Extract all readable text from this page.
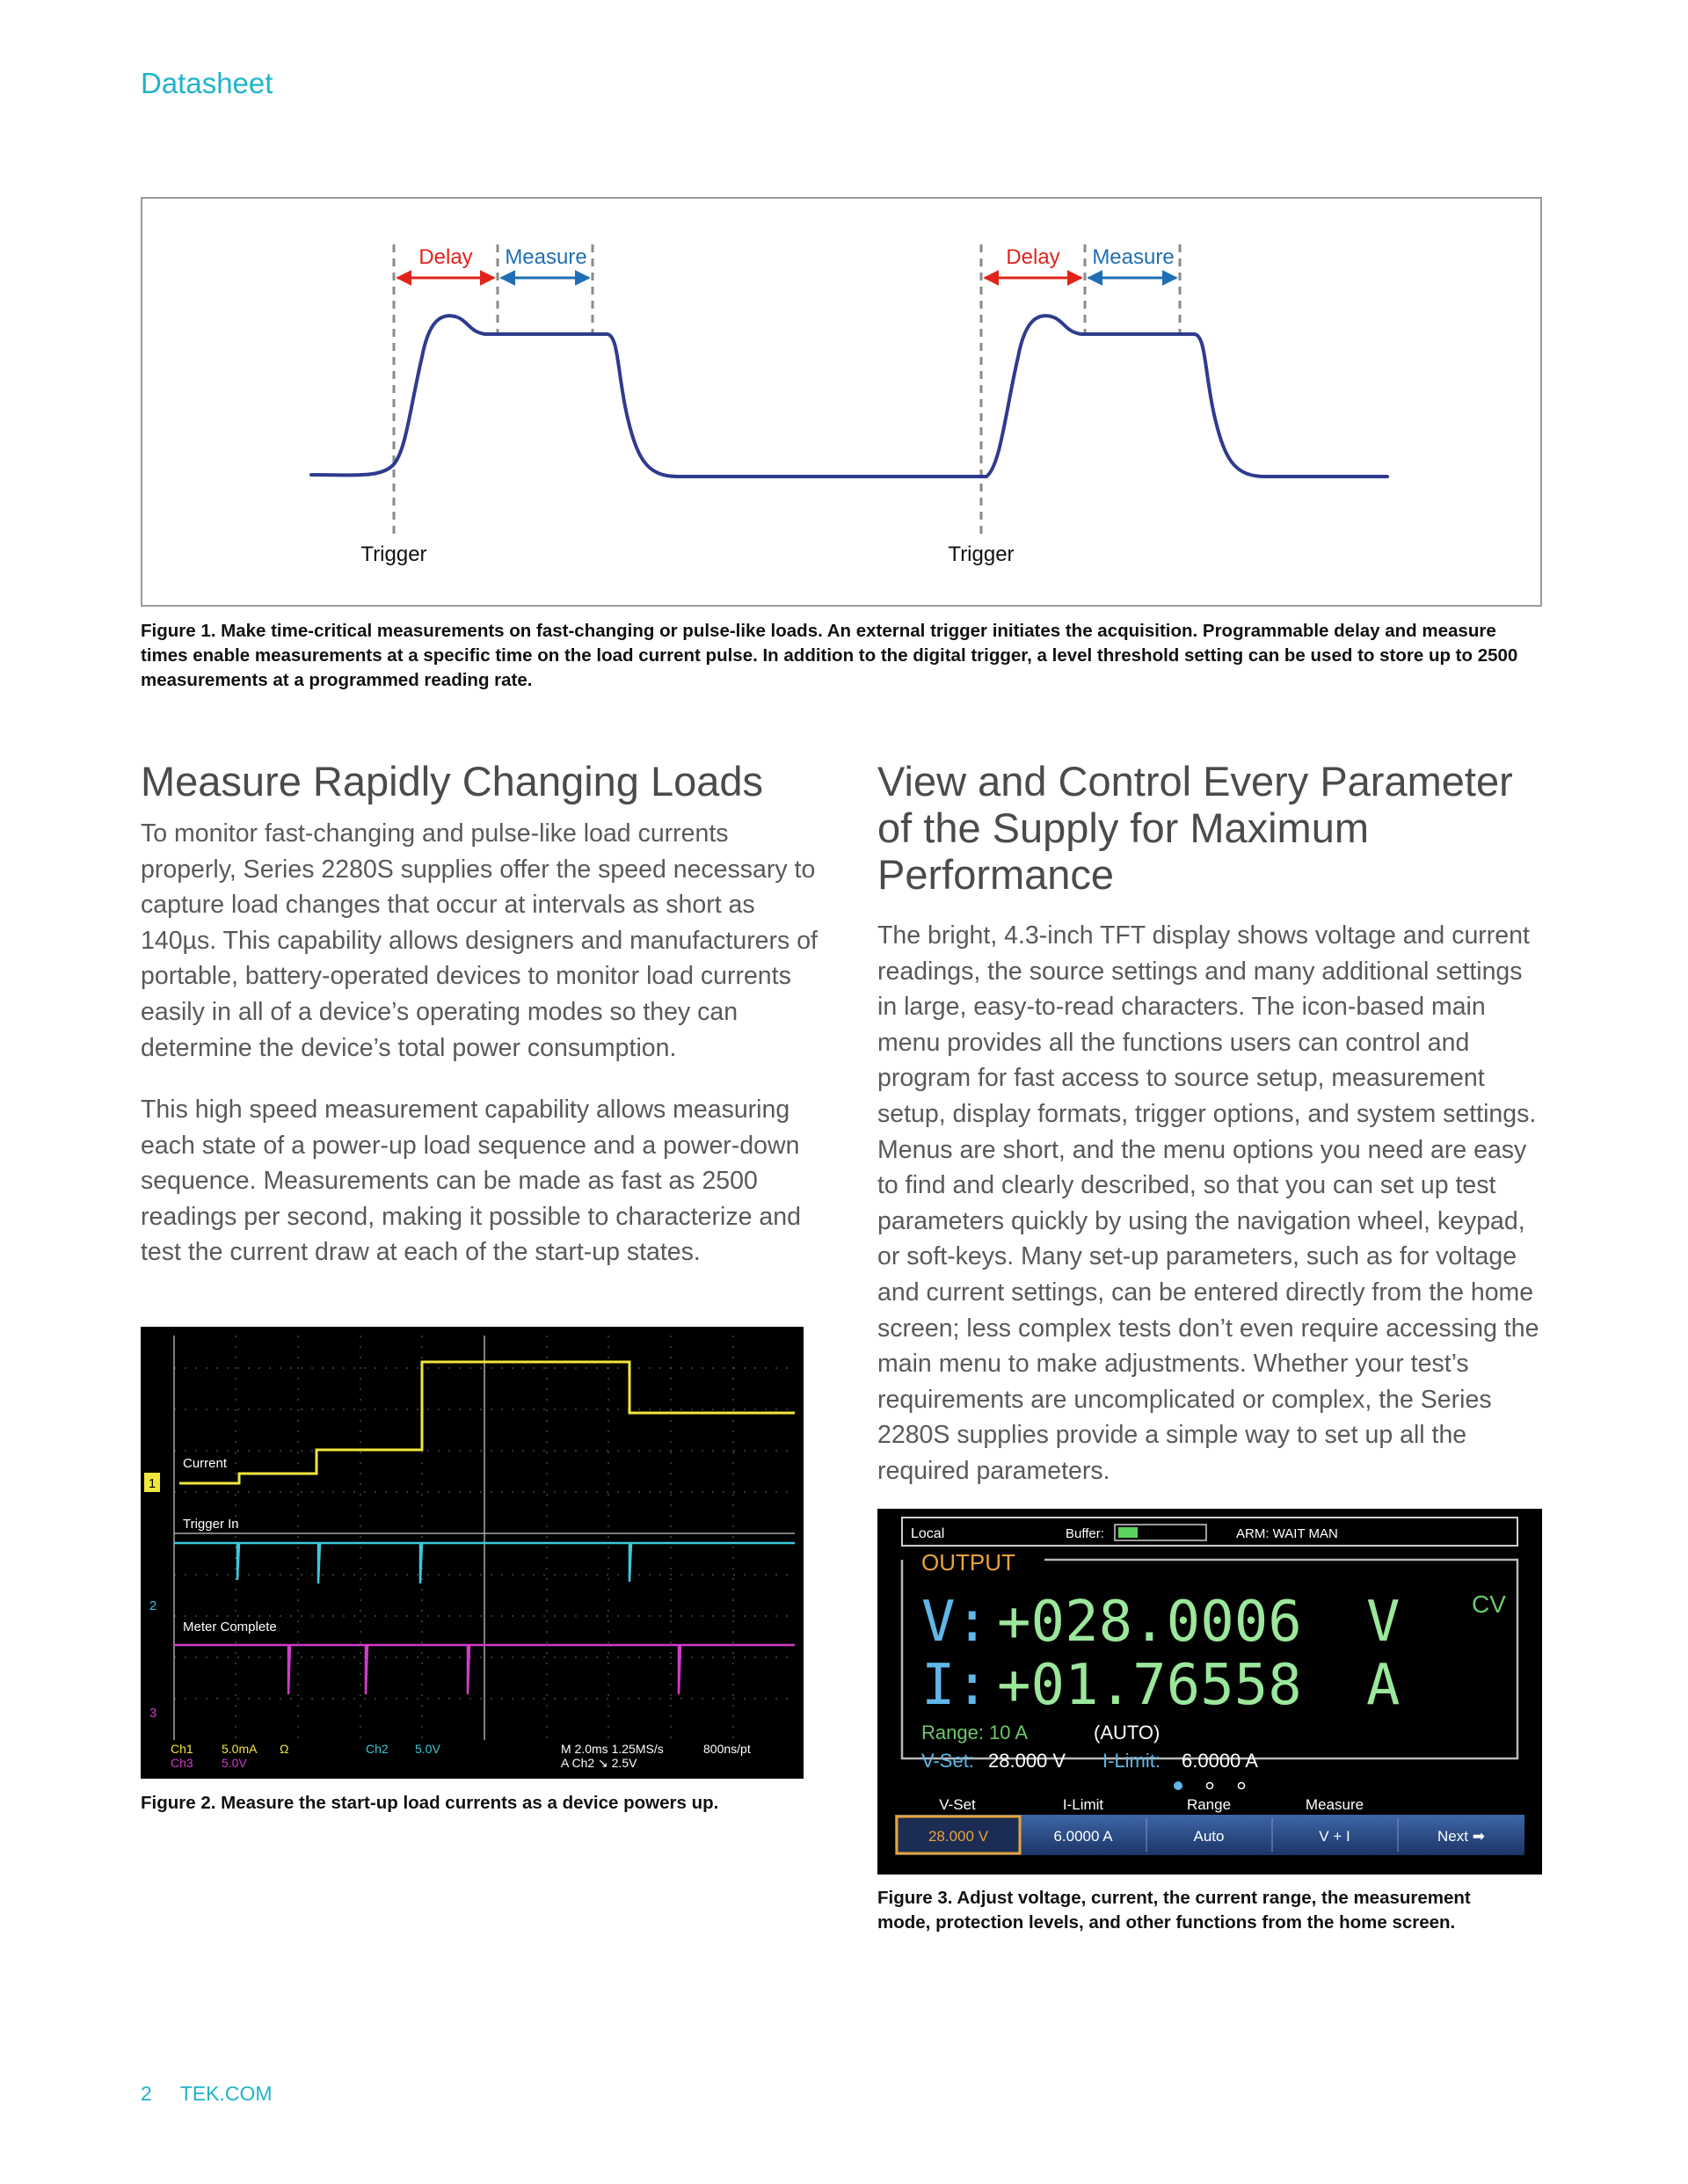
Datasheet
Delay Measure	Delay Measure
Trigger	Trigger
Figure 1. Make time-critical measurements on fast-changing or pulse-like loads. An external trigger initiates the acquisition. Programmable delay and measure times enable measurements at a specific time on the load current pulse. In addition to the digital trigger, a level threshold setting can be used to store up to 2500 measurements at a programmed reading rate.
Measure Rapidly Changing Loads

To monitor fast-changing and pulse-like load currents properly, Series 2280S supplies offer the speed necessary to capture load changes that occur at intervals as short as 140µs. This capability allows designers and manufacturers of portable, battery-operated devices to monitor load currents easily in all of a device’s operating modes so they can determine the device’s total power consumption.

This high speed measurement capability allows measuring each state of a power-up load sequence and a power-down sequence. Measurements can be made as fast as 2500 readings per second, making it possible to characterize and test the current draw at each of the start-up states.

1
2
3
Current
Trigger In
Meter Complete
Ch1 5.0mA Ω
Ch3 5.0V
Ch2 5.0V	M 2.0ms 1.25MS/s	800ns/pt
A Ch2 ↘ 2.5V
Figure 2. Measure the start-up load currents as a device powers up.
View and Control Every Parameter of the Supply for Maximum Performance

The bright, 4.3-inch TFT display shows voltage and current readings, the source settings and many additional settings in large, easy-to-read characters. The icon-based main menu provides all the functions users can control and program for fast access to source setup, measurement setup, display formats, trigger options, and system settings. Menus are short, and the menu options you need are easy to find and clearly described, so that you can set up test parameters quickly by using the navigation wheel, keypad, or soft-keys. Many set-up parameters, such as for voltage and current settings, can be entered directly from the home screen; less complex tests don’t even require accessing the main menu to make adjustments. Whether your test’s requirements are uncomplicated or complex, the Series 2280S supplies provide a simple way to set up all the required parameters.

Local	Buffer:	ARM: WAIT MAN
OUTPUT
CV
V: +028.0006 V
I: +01.76558 A
Range: 10 A	(AUTO)
V-Set: 28.000 V I-Limit: 6.0000 A
V-Set	I-Limit	Range	Measure
28.000 V	6.0000 A	Auto	V + I	Next ➡
Figure 3. Adjust voltage, current, the current range, the measurement mode, protection levels, and other functions from the home screen.
2 TEK.COM
